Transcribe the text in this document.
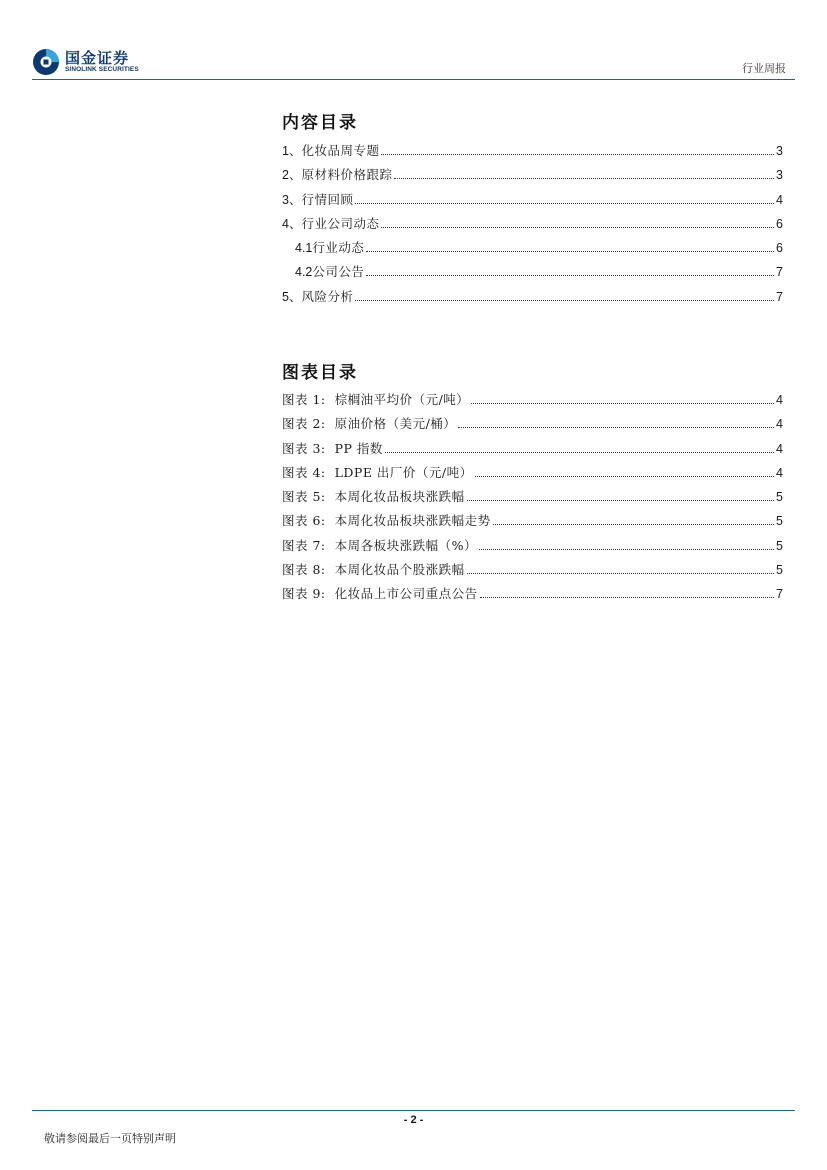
国金证券
SINOLINK SECURITIES	行业周报
内容目录
1、 化妆品周专题	3
2、 原材料价格跟踪	3
3、 行情回顾	4
4、 行业公司动态	6
4.1 行业动态	6
4.2 公司公告	7
5、 风险分析	7
图表目录
图表 1: 棕榈油平均价（元/吨）	4
图表 2: 原油价格（美元/桶）	4
图表 3: PP 指数	4
图表 4: LDPE 出厂价（元/吨）	4
图表 5: 本周化妆品板块涨跌幅	5
图表 6: 本周化妆品板块涨跌幅走势	5
图表 7: 本周各板块涨跌幅（%）	5
图表 8: 本周化妆品个股涨跌幅	5
图表 9: 化妆品上市公司重点公告	7
- 2 -
敬请参阅最后一页特别声明
